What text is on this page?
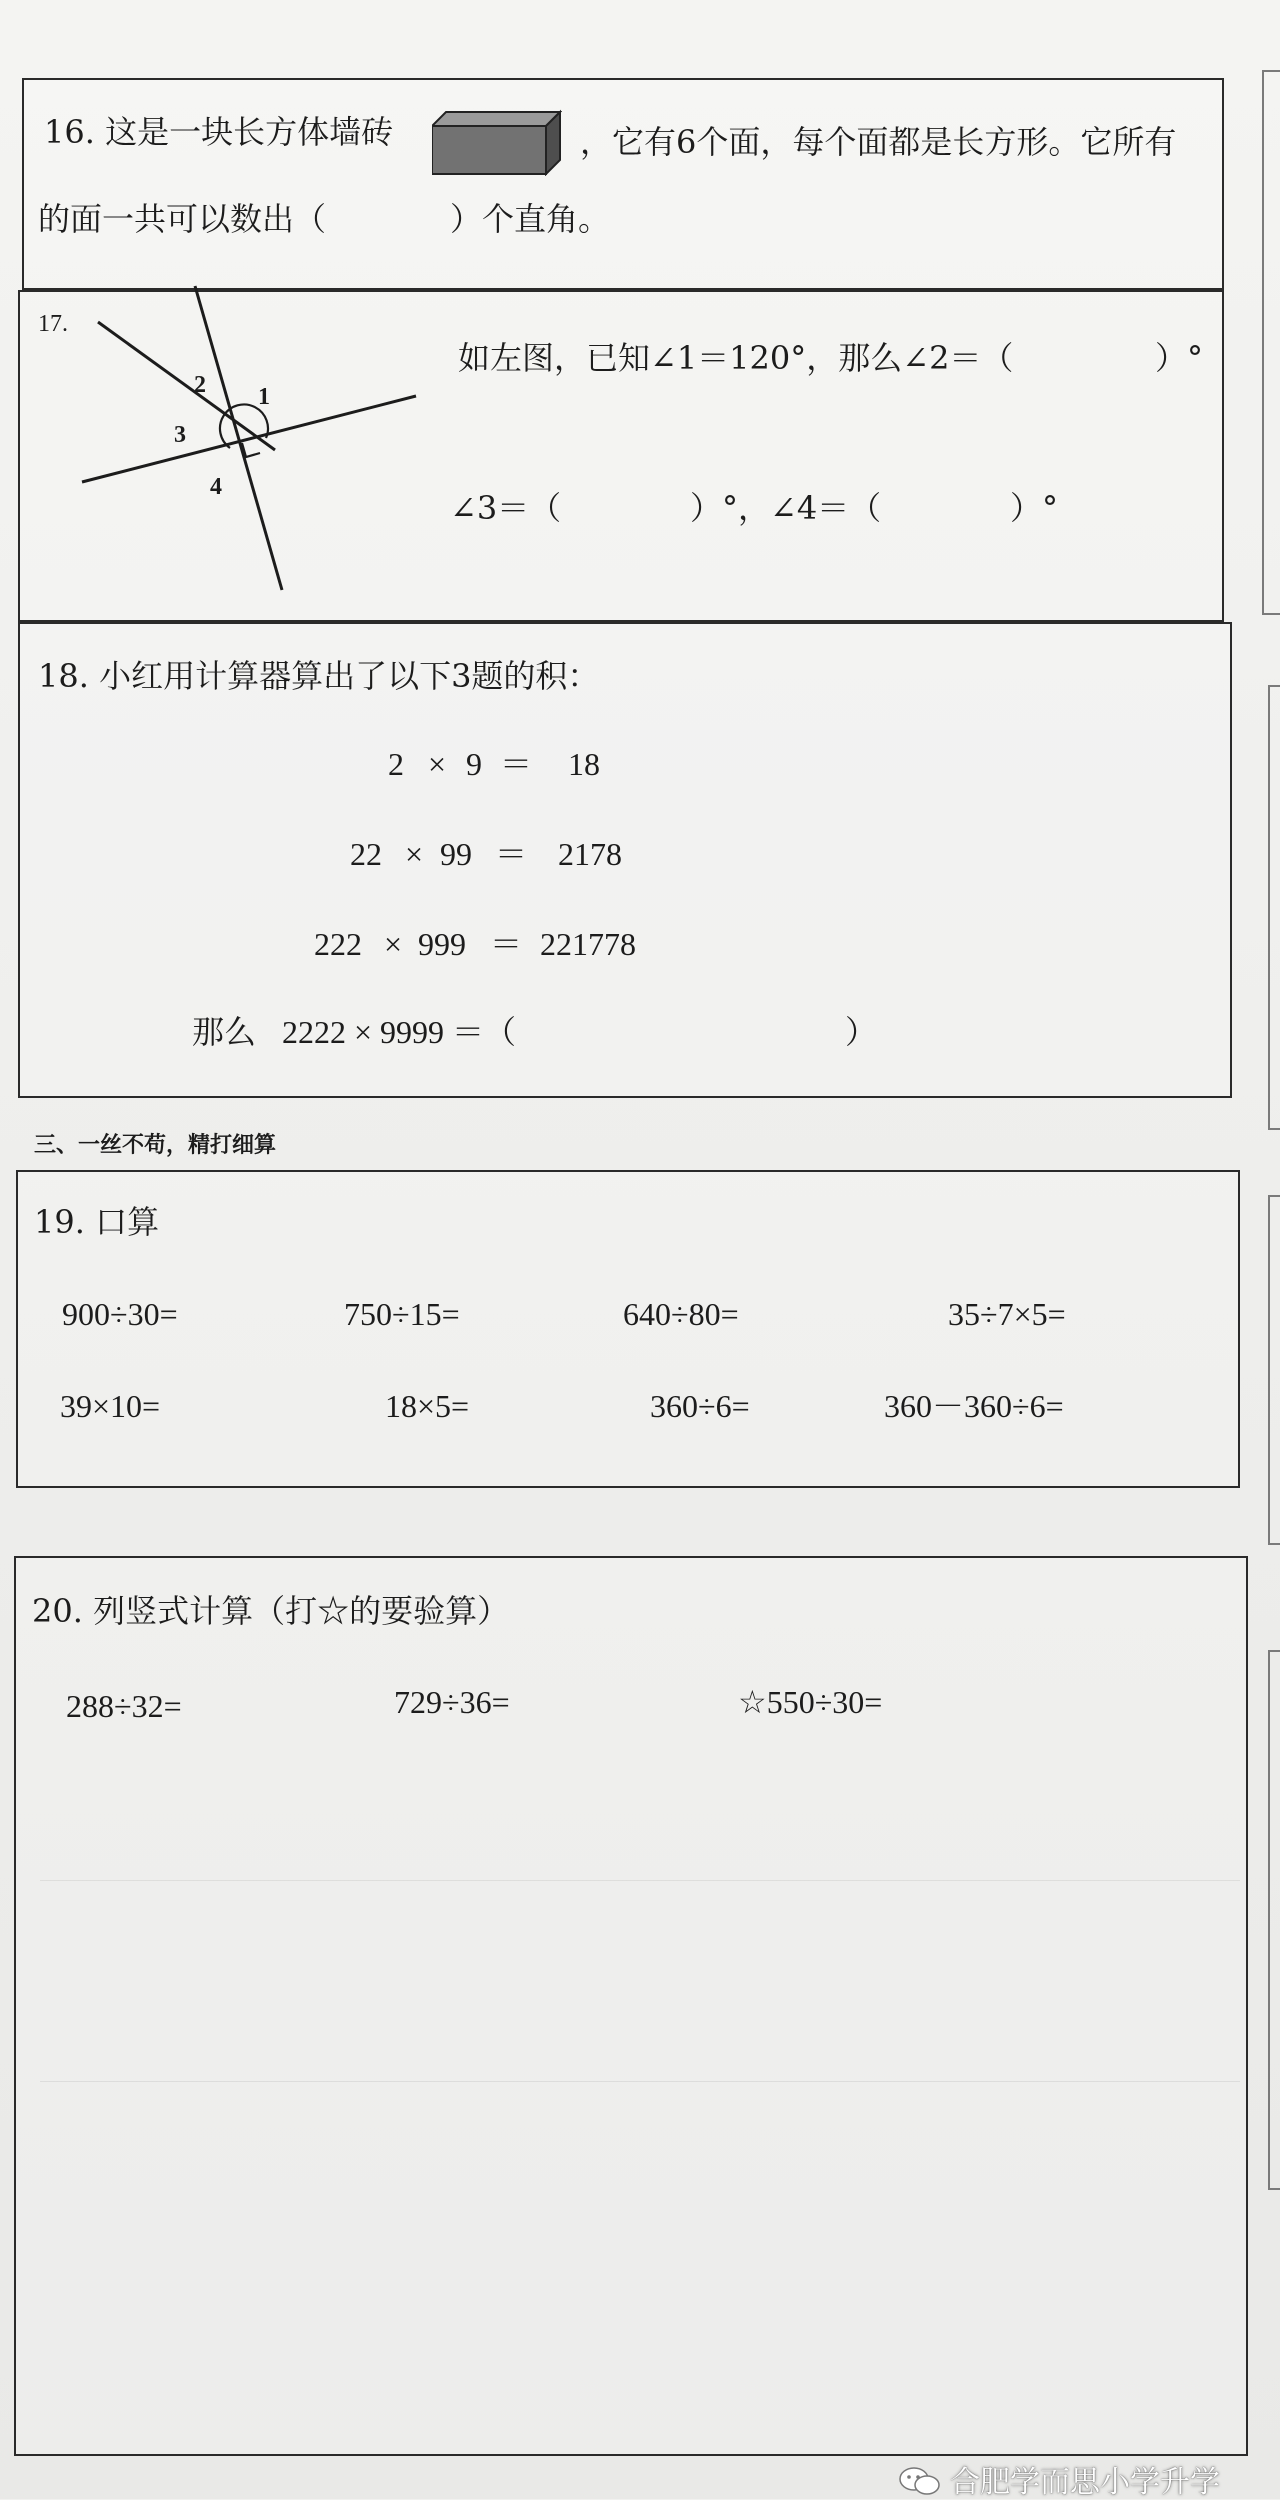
16. 这是一块长方体墙砖	，它有6个面，每个面都是长方形。它所有
的面一共可以数出（	）个直角。
17.
2 1
3
4
如左图，已知∠1＝120°，那么∠2＝（	）°
∠3＝（	）°，∠4＝（	）°
18. 小红用计算器算出了以下3题的积：
2 × 9 ＝ 18
22 × 99 ＝ 2178
222 × 999 ＝ 221778
那么 2222 × 9999 ＝（	）
三、一丝不苟，精打细算
19. 口算
900÷30=	750÷15=	640÷80=	35÷7×5=
39×10=	18×5=	360÷6=	360－360÷6=
20. 列竖式计算（打☆的要验算）
288÷32=	729÷36=	☆550÷30=
合肥学而思小学升学
